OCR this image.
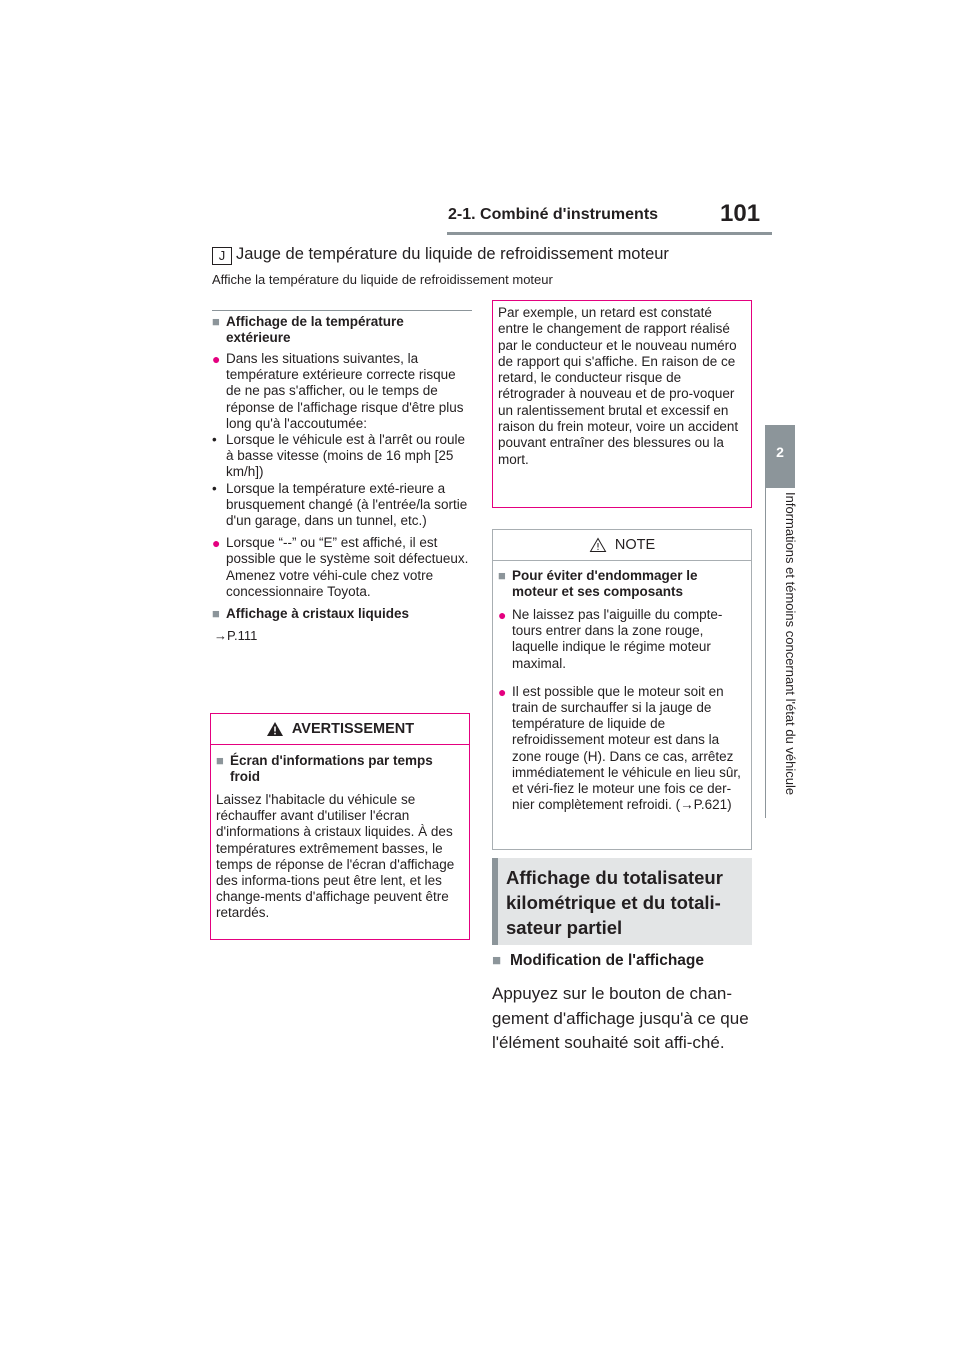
2-1. Combiné d'instruments	101
2
Informations et témoins concernant l'état du véhicule
J Jauge de température du liquide de refroidissement moteur
Affiche la température du liquide de refroidissement moteur
■ Affichage de la température extérieure
● Dans les situations suivantes, la température extérieure correcte risque de ne pas s'afficher, ou le temps de réponse de l'affichage risque d'être plus long qu'à l'accoutumée:
• Lorsque le véhicule est à l'arrêt ou roule à basse vitesse (moins de 16 mph [25 km/h])
• Lorsque la température exté-rieure a brusquement changé (à l'entrée/la sortie d'un garage, dans un tunnel, etc.)
● Lorsque “--” ou “E” est affiché, il est possible que le système soit défectueux. Amenez votre véhi-cule chez votre concessionnaire Toyota.
■ Affichage à cristaux liquides
→P.111
AVERTISSEMENT
■ Écran d'informations par temps froid
Laissez l'habitacle du véhicule se réchauffer avant d'utiliser l'écran d'informations à cristaux liquides. À des températures extrêmement basses, le temps de réponse de l'écran d'affichage des informa-tions peut être lent, et les change-ments d'affichage peuvent être retardés.
Par exemple, un retard est constaté entre le changement de rapport réalisé par le conducteur et le nouveau numéro de rapport qui s'affiche. En raison de ce retard, le conducteur risque de rétrograder à nouveau et de pro-voquer un ralentissement brutal et excessif en raison du frein moteur, voire un accident pouvant entraîner des blessures ou la mort.
NOTE
■ Pour éviter d'endommager le moteur et ses composants
● Ne laissez pas l'aiguille du compte-tours entrer dans la zone rouge, laquelle indique le régime moteur maximal.
● Il est possible que le moteur soit en train de surchauffer si la jauge de température de liquide de refroidissement moteur est dans la zone rouge (H). Dans ce cas, arrêtez immédiatement le véhicule en lieu sûr, et véri-fiez le moteur une fois ce der-nier complètement refroidi. (→P.621)
Affichage du totalisateur kilométrique et du totali-sateur partiel
■ Modification de l'affichage
Appuyez sur le bouton de chan-gement d'affichage jusqu'à ce que l'élément souhaité soit affi-ché.
